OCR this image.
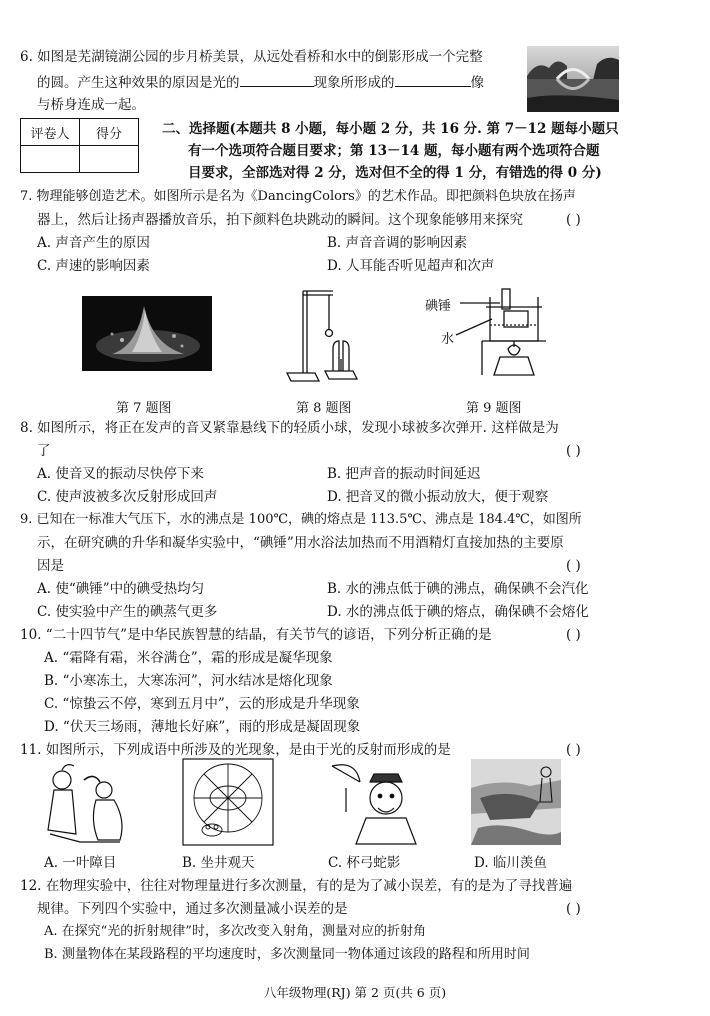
6. 如图是芜湖镜湖公园的步月桥美景，从远处看桥和水中的倒影形成一个完整
的圆。产生这种效果的原因是光的	现象所形成的	像
与桥身连成一起。
评卷人	得分
		二、选择题(本题共 8 小题，每小题 2 分，共 16 分. 第 7－12 题每小题只
有一个选项符合题目要求；第 13－14 题，每小题有两个选项符合题
目要求，全部选对得 2 分，选对但不全的得 1 分，有错选的得 0 分)
7. 物理能够创造艺术。如图所示是名为《DancingColors》的艺术作品。即把颜料色块放在扬声
器上，然后让扬声器播放音乐，拍下颜料色块跳动的瞬间。这个现象能够用来探究	( )
A. 声音产生的原因	B. 声音音调的影响因素
C. 声速的影响因素	D. 人耳能否听见超声和次声
碘锤
水
第 7 题图	第 8 题图	第 9 题图
8. 如图所示，将正在发声的音叉紧靠悬线下的轻质小球，发现小球被多次弹开. 这样做是为
了	( )
A. 使音叉的振动尽快停下来	B. 把声音的振动时间延迟
C. 使声波被多次反射形成回声	D. 把音叉的微小振动放大，便于观察
9. 已知在一标准大气压下，水的沸点是 100℃，碘的熔点是 113.5℃、沸点是 184.4℃，如图所
示，在研究碘的升华和凝华实验中，“碘锤”用水浴法加热而不用酒精灯直接加热的主要原
因是	( )
A. 使“碘锤”中的碘受热均匀	B. 水的沸点低于碘的沸点，确保碘不会汽化
C. 使实验中产生的碘蒸气更多	D. 水的沸点低于碘的熔点，确保碘不会熔化
10. “二十四节气”是中华民族智慧的结晶，有关节气的谚语，下列分析正确的是	( )
A. “霜降有霜，米谷满仓”，霜的形成是凝华现象
B. “小寒冻土，大寒冻河”，河水结冰是熔化现象
C. “惊蛰云不停，寒到五月中”，云的形成是升华现象
D. “伏天三场雨，薄地长好麻”，雨的形成是凝固现象
11. 如图所示，下列成语中所涉及的光现象，是由于光的反射而形成的是	( )
A. 一叶障目	B. 坐井观天	C. 杯弓蛇影	D. 临川羡鱼
12. 在物理实验中，往往对物理量进行多次测量，有的是为了减小误差，有的是为了寻找普遍
规律。下列四个实验中，通过多次测量减小误差的是	( )
A. 在探究“光的折射规律”时，多次改变入射角，测量对应的折射角
B. 测量物体在某段路程的平均速度时，多次测量同一物体通过该段的路程和所用时间
八年级物理(RJ) 第 2 页(共 6 页)
